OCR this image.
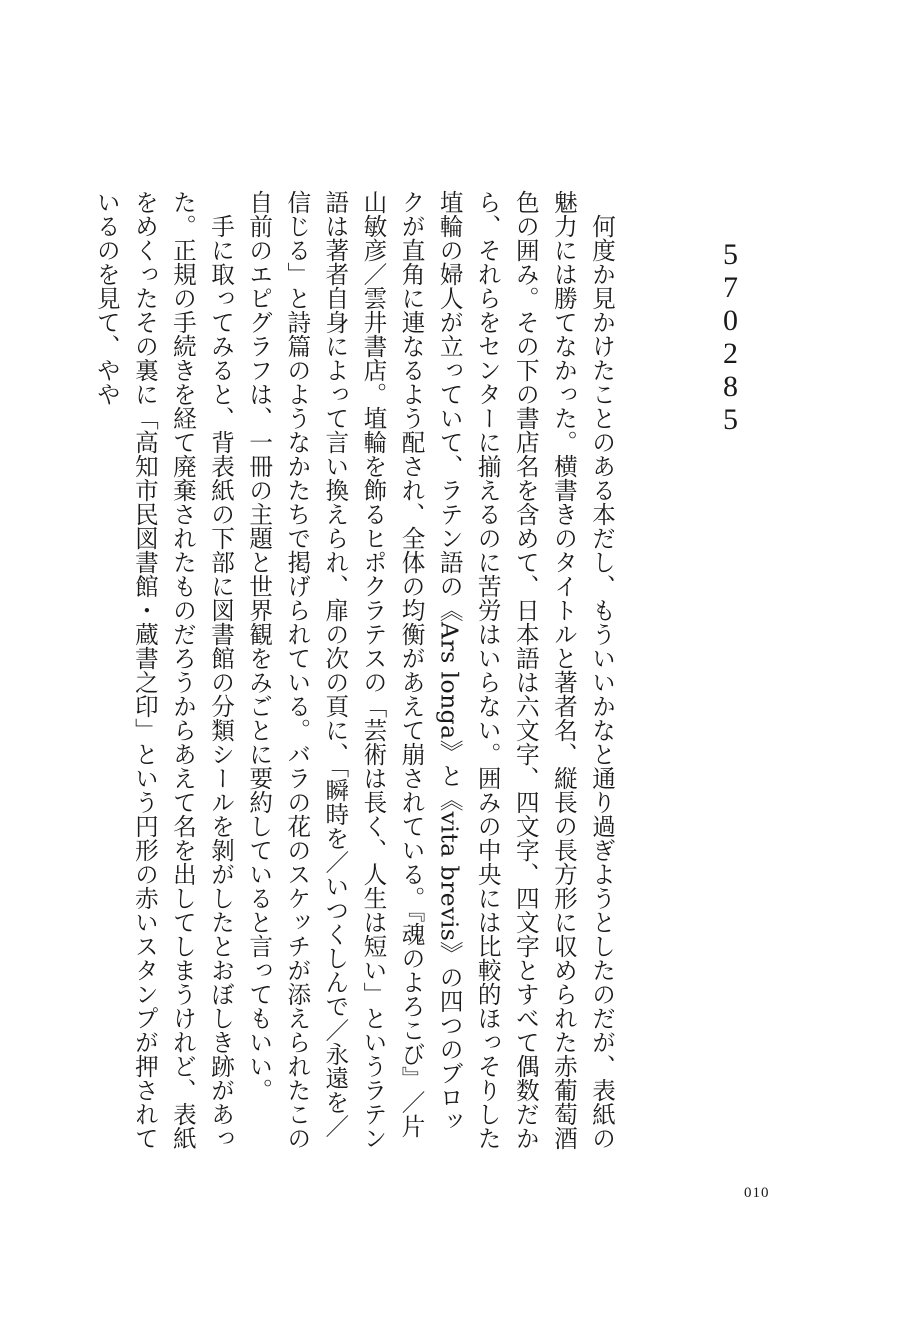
570285

何度か見かけたことのある本だし、もういいかなと通り過ぎようとしたのだが、表紙の魅力には勝てなかった。横書きのタイトルと著者名、縦長の長方形に収められた赤葡萄酒色の囲み。その下の書店名を含めて、日本語は六文字、四文字、四文字とすべて偶数だから、それらをセンターに揃えるのに苦労はいらない。囲みの中央には比較的ほっそりした埴輪の婦人が立っていて、ラテン語の《Ars longa》と《vita brevis》の四つのブロックが直角に連なるよう配され、全体の均衡があえて崩されている。『魂のよろこび』／片山敏彦／雲井書店。埴輪を飾るヒポクラテスの「芸術は長く、人生は短い」というラテン語は著者自身によって言い換えられ、扉の次の頁に、「瞬時を／いつくしんで／永遠を／信じる」と詩篇のようなかたちで掲げられている。バラの花のスケッチが添えられたこの自前のエピグラフは、一冊の主題と世界観をみごとに要約していると言ってもいい。

手に取ってみると、背表紙の下部に図書館の分類シールを剝がしたとおぼしき跡があった。正規の手続きを経て廃棄されたものだろうからあえて名を出してしまうけれど、表紙をめくったその裏に「高知市民図書館・蔵書之印」という円形の赤いスタンプが押されているのを見て、やや

010
